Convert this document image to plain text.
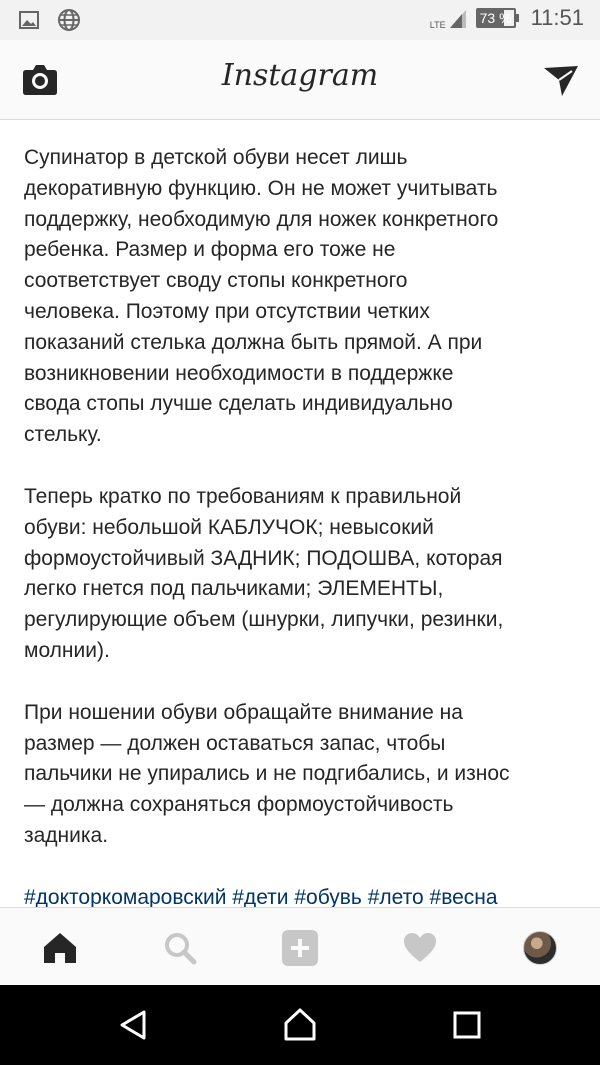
LTE 73 % 11:51
Instagram

Супинатор в детской обуви несет лишь
декоративную функцию. Он не может учитывать
поддержку, необходимую для ножек конкретного
ребенка. Размер и форма его тоже не
соответствует своду стопы конкретного
человека. Поэтому при отсутствии четких
показаний стелька должна быть прямой. А при
возникновении необходимости в поддержке
свода стопы лучше сделать индивидуально
стельку.

Теперь кратко по требованиям к правильной
обуви: небольшой КАБЛУЧОК; невысокий
формоустойчивый ЗАДНИК; ПОДОШВА, которая
легко гнется под пальчиками; ЭЛЕМЕНТЫ,
регулирующие объем (шнурки, липучки, резинки,
молнии).

При ношении обуви обращайте внимание на
размер — должен оставаться запас, чтобы
пальчики не упирались и не подгибались, и износ
— должна сохраняться формоустойчивость
задника.

#докторкомаровский #дети #обувь #лето #весна
